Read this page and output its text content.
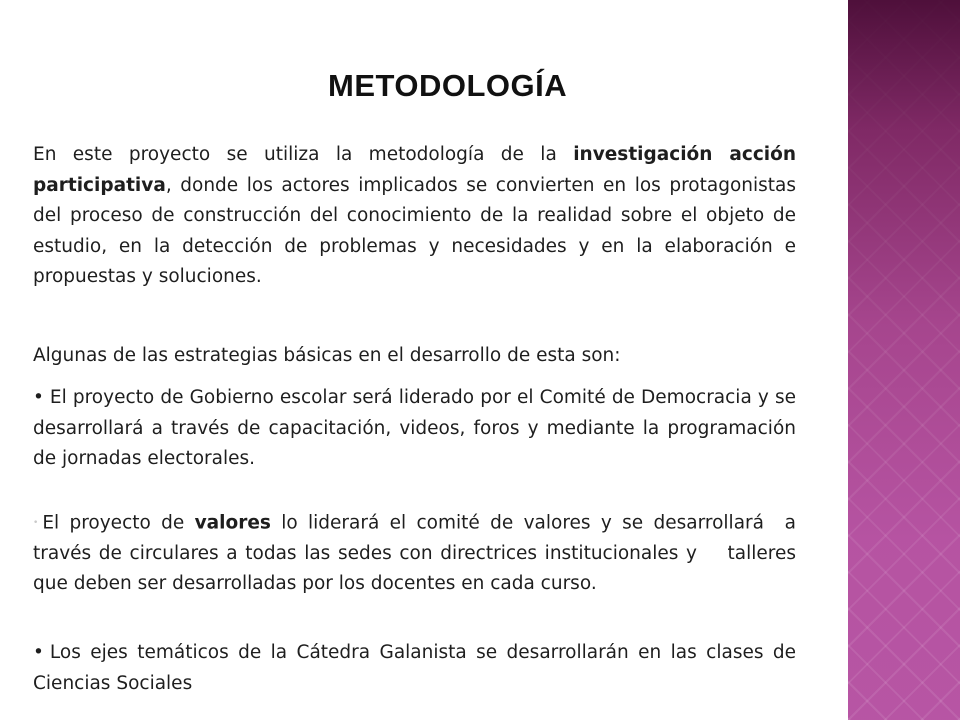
METODOLOGÍA

En este proyecto se utiliza la metodología de la investigación acción participativa, donde los actores implicados se convierten en los protagonistas del proceso de construcción del conocimiento de la realidad sobre el objeto de estudio, en la detección de problemas y necesidades y en la elaboración e propuestas y soluciones.

Algunas de las estrategias básicas en el desarrollo de esta son:

• El proyecto de Gobierno escolar será liderado por el Comité de Democracia y se desarrollará a través de capacitación, videos, foros y mediante la programación de jornadas electorales.

• El proyecto de valores lo liderará el comité de valores y se desarrollará  a través de circulares a todas las sedes con directrices institucionales y    talleres que deben ser desarrolladas por los docentes en cada curso.

• Los ejes temáticos de la Cátedra Galanista se desarrollarán en las clases de Ciencias Sociales
